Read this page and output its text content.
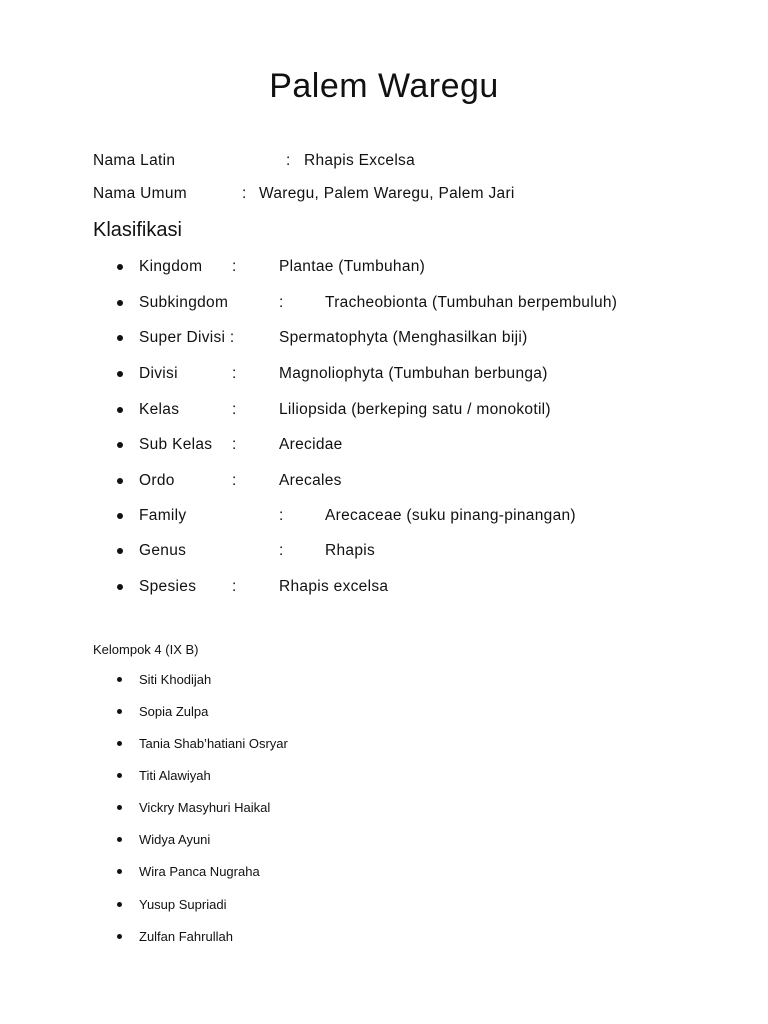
Palem Waregu
Nama Latin	: Rhapis Excelsa
Nama Umum	: Waregu, Palem Waregu, Palem Jari
Klasifikasi
Kingdom :	Plantae (Tumbuhan)
Subkingdom	:	Tracheobionta (Tumbuhan berpembuluh)
Super Divisi :	Spermatophyta (Menghasilkan biji)
Divisi	:	Magnoliophyta (Tumbuhan berbunga)
Kelas	:	Liliopsida (berkeping satu / monokotil)
Sub Kelas :	Arecidae
Ordo	:	Arecales
Family	:	Arecaceae (suku pinang-pinangan)
Genus	:	Rhapis
Spesies :	Rhapis excelsa
Kelompok 4 (IX B)
Siti Khodijah
Sopia Zulpa
Tania Shab’hatiani Osryar
Titi Alawiyah
Vickry Masyhuri Haikal
Widya Ayuni
Wira Panca Nugraha
Yusup Supriadi
Zulfan Fahrullah
